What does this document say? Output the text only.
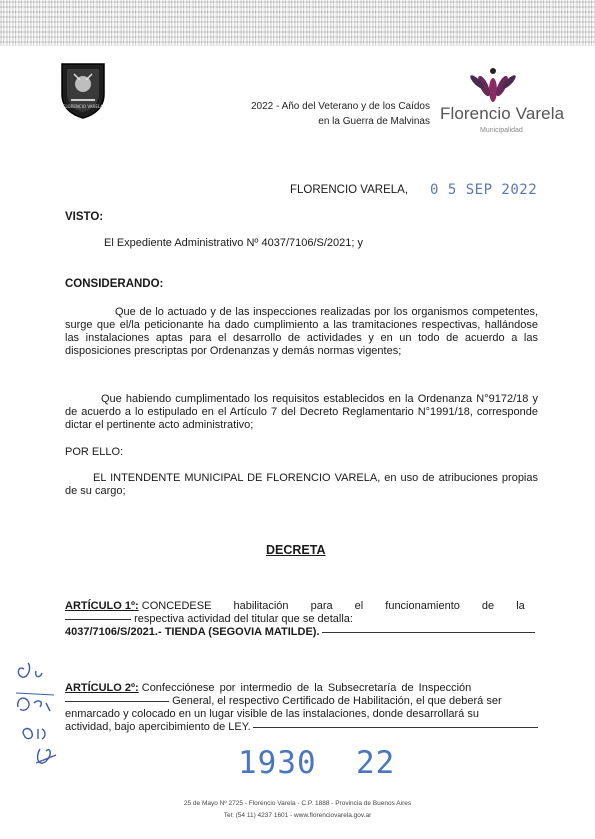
FLORENCIO VARELA	2022 - Año del Veterano y de los Caídos
en la Guerra de Malvinas Florencio Varela
Municipalidad
FLORENCIO VARELA, 0 5 SEP 2022
VISTO:
El Expediente Administrativo Nº 4037/7106/S/2021; y
CONSIDERANDO:
Que de lo actuado y de las inspecciones realizadas por los organismos competentes, surge que el/la peticionante ha dado cumplimiento a las tramitaciones respectivas, hallándose las instalaciones aptas para el desarrollo de actividades y en un todo de acuerdo a las disposiciones prescriptas por Ordenanzas y demás normas vigentes;
Que habiendo cumplimentado los requisitos establecidos en la Ordenanza N°9172/18 y de acuerdo a lo estipulado en el Artículo 7 del Decreto Reglamentario N°1991/18, corresponde dictar el pertinente acto administrativo;
POR ELLO:
EL INTENDENTE MUNICIPAL DE FLORENCIO VARELA, en uso de atribuciones propias de su cargo;
DECRETA
ARTÍCULO 1º: CONCEDESE habilitación para el funcionamiento de la
respectiva actividad del titular que se detalla:
4037/7106/S/2021.- TIENDA (SEGOVIA MATILDE).
ARTÍCULO 2º: Confecciónese por intermedio de la Subsecretaría de Inspección
General, el respectivo Certificado de Habilitación, el que deberá ser
enmarcado y colocado en un lugar visible de las instalaciones, donde desarrollará su
actividad, bajo apercibimiento de LEY.
1930  22
25 de Mayo Nº 2725 - Florencio Varela - C.P. 1888 - Provincia de Buenos Aires
Tel: (54 11) 4237 1601 - www.florenciovarela.gov.ar
